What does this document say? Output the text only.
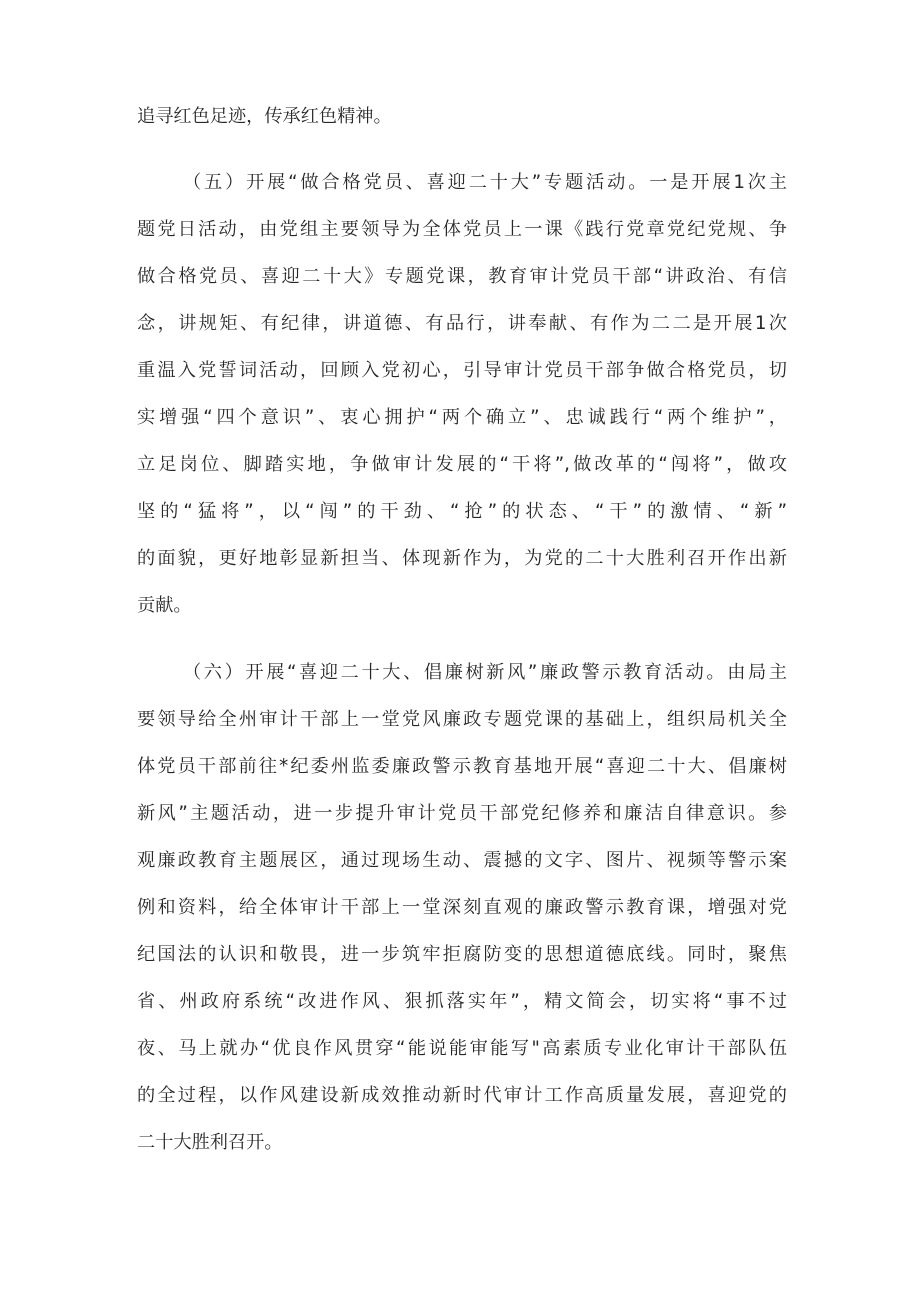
追寻红色足迹，传承红色精神。
（五）开展“做合格党员、喜迎二十大”专题活动。一是开展1次主
题党日活动，由党组主要领导为全体党员上一课《践行党章党纪党规、争
做合格党员、喜迎二十大》专题党课，教育审计党员干部“讲政治、有信
念，讲规矩、有纪律，讲道德、有品行，讲奉献、有作为二二是开展1次
重温入党誓词活动，回顾入党初心，引导审计党员干部争做合格党员，切
实增强“四个意识”、衷心拥护“两个确立”、忠诚践行“两个维护”，
立足岗位、脚踏实地，争做审计发展的“干将”,做改革的“闯将”，做攻
坚的“猛将”，以“闯”的干劲、“抢”的状态、“干”的激情、“新”
的面貌，更好地彰显新担当、体现新作为，为党的二十大胜利召开作出新
贡献。
（六）开展“喜迎二十大、倡廉树新风”廉政警示教育活动。由局主
要领导给全州审计干部上一堂党风廉政专题党课的基础上，组织局机关全
体党员干部前往*纪委州监委廉政警示教育基地开展“喜迎二十大、倡廉树
新风”主题活动，进一步提升审计党员干部党纪修养和廉洁自律意识。参
观廉政教育主题展区，通过现场生动、震撼的文字、图片、视频等警示案
例和资料，给全体审计干部上一堂深刻直观的廉政警示教育课，增强对党
纪国法的认识和敬畏，进一步筑牢拒腐防变的思想道德底线。同时，聚焦
省、州政府系统“改进作风、狠抓落实年”，精文简会，切实将“事不过
夜、马上就办“优良作风贯穿“能说能审能写"高素质专业化审计干部队伍
的全过程，以作风建设新成效推动新时代审计工作高质量发展，喜迎党的
二十大胜利召开。
